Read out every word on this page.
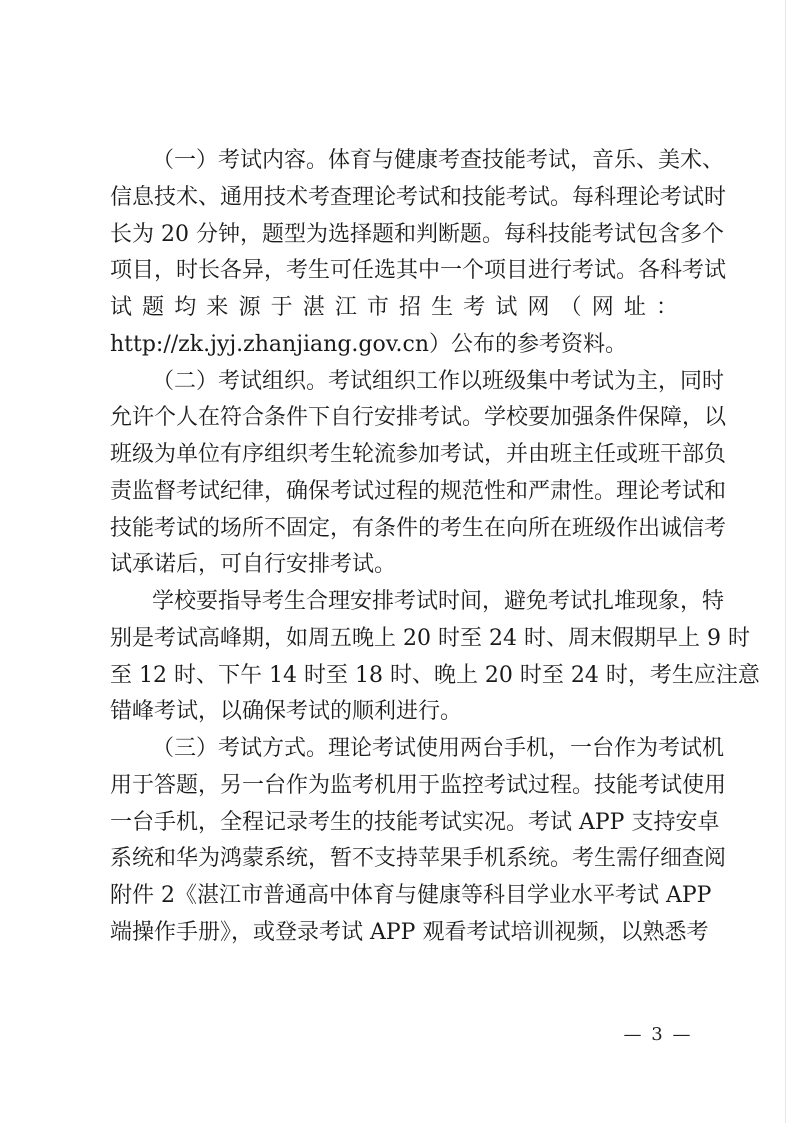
（一）考试内容。体育与健康考查技能考试，音乐、美术、
信息技术、通用技术考查理论考试和技能考试。每科理论考试时
长为 20 分钟，题型为选择题和判断题。每科技能考试包含多个
项目，时长各异，考生可任选其中一个项目进行考试。各科考试
试题均来源于湛江市招生考试网（网址：
http://zk.jyj.zhanjiang.gov.cn）公布的参考资料。
（二）考试组织。考试组织工作以班级集中考试为主，同时
允许个人在符合条件下自行安排考试。学校要加强条件保障，以
班级为单位有序组织考生轮流参加考试，并由班主任或班干部负
责监督考试纪律，确保考试过程的规范性和严肃性。理论考试和
技能考试的场所不固定，有条件的考生在向所在班级作出诚信考
试承诺后，可自行安排考试。
学校要指导考生合理安排考试时间，避免考试扎堆现象，特
别是考试高峰期，如周五晚上 20 时至 24 时、周末假期早上 9 时
至 12 时、下午 14 时至 18 时、晚上 20 时至 24 时，考生应注意
错峰考试，以确保考试的顺利进行。
（三）考试方式。理论考试使用两台手机，一台作为考试机
用于答题，另一台作为监考机用于监控考试过程。技能考试使用
一台手机，全程记录考生的技能考试实况。考试 APP 支持安卓
系统和华为鸿蒙系统，暂不支持苹果手机系统。考生需仔细查阅
附件 2《湛江市普通高中体育与健康等科目学业水平考试 APP
端操作手册》，或登录考试 APP 观看考试培训视频，以熟悉考
— 3 —
